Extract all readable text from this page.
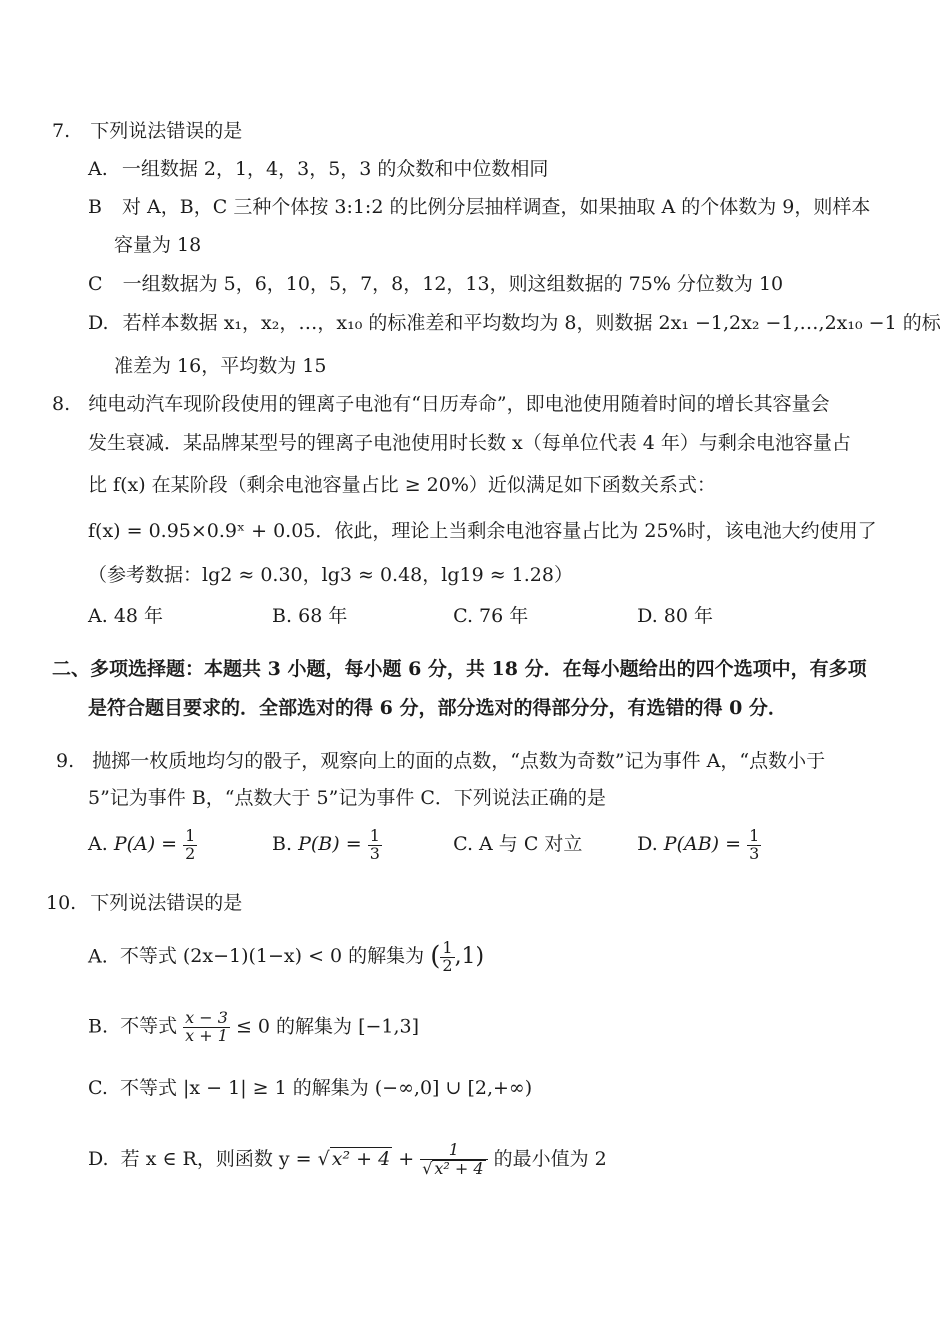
7. 下列说法错误的是
A. 一组数据 2，1，4，3，5，3 的众数和中位数相同
B 对 A，B，C 三种个体按 3:1:2 的比例分层抽样调查，如果抽取 A 的个体数为 9，则样本
容量为 18
C 一组数据为 5，6，10，5，7，8，12，13，则这组数据的 75% 分位数为 10
D. 若样本数据 x₁，x₂，…，x₁₀ 的标准差和平均数均为 8，则数据 2x₁ −1,2x₂ −1,…,2x₁₀ −1 的标
准差为 16，平均数为 15
8. 纯电动汽车现阶段使用的锂离子电池有“日历寿命”，即电池使用随着时间的增长其容量会
发生衰减．某品牌某型号的锂离子电池使用时长数 x（每单位代表 4 年）与剩余电池容量占
比 f(x) 在某阶段（剩余电池容量占比 ≥ 20%）近似满足如下函数关系式：
f(x) = 0.95×0.9ˣ + 0.05．依此，理论上当剩余电池容量占比为 25%时，该电池大约使用了
（参考数据：lg2 ≈ 0.30，lg3 ≈ 0.48，lg19 ≈ 1.28）
A. 48 年	B. 68 年	C. 76 年	D. 80 年
二、多项选择题：本题共 3 小题，每小题 6 分，共 18 分．在每小题给出的四个选项中，有多项
是符合题目要求的．全部选对的得 6 分，部分选对的得部分分，有选错的得 0 分．
9. 抛掷一枚质地均匀的骰子，观察向上的面的点数，“点数为奇数”记为事件 A，“点数小于
5”记为事件 B，“点数大于 5”记为事件 C．下列说法正确的是
A. $P(A) = \frac{1}{2}$	B. $P(B) = \frac{1}{3}$	C. A 与 C 对立	D. $P(AB) = \frac{1}{3}$
10. 下列说法错误的是
A. 不等式 (2x−1)(1−x) < 0 的解集为 ( $\frac{1}{2} ,1$)
B. 不等式 $\frac{x - 3}{x + 1} \le 0$ 的解集为 [−1,3]
C. 不等式 |x − 1| ≥ 1 的解集为 (−∞,0] ∪ [2,+∞)
D. 若 x ∈ R，则函数 y = √ $x^2 + 4 + \frac{1}{\text{√ x² + 4}}$ 的最小值为 2
